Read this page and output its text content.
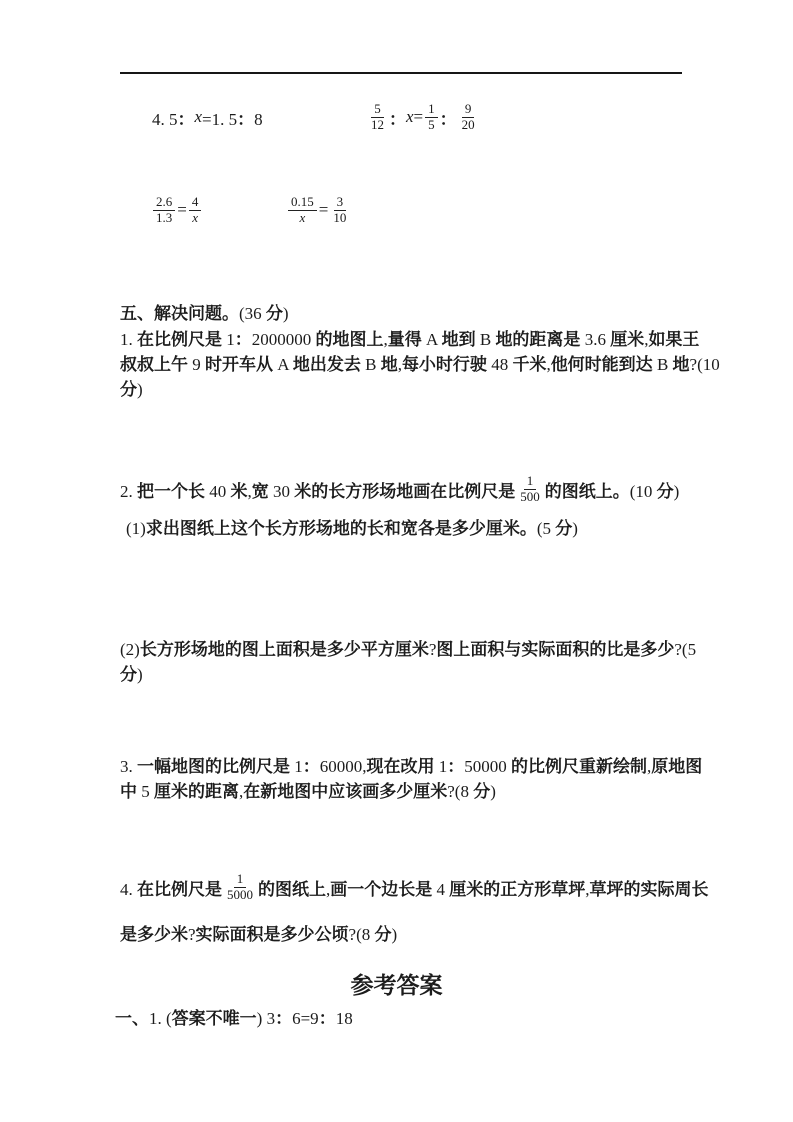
4. 5： x =1. 5：8	$\frac{5}{12}$ ： $x = \frac{1}{5}$ ： $\frac{9}{20}$
$\frac{2.6}{1.3} = \frac{4}{x}$	$\frac{0.15}{x} = \frac{3}{10}$
五、解决问题。(36 分)
1. 在比例尺是 1：2000000 的地图上,量得 A 地到 B 地的距离是 3.6 厘米,如果王
叔叔上午 9 时开车从 A 地出发去 B 地,每小时行驶 48 千米,他何时能到达 B 地?(10
分)
2. 把一个长 40 米,宽 30 米的长方形场地画在比例尺是 $\frac{1}{500}$ 的图纸上。(10 分)
(1)求出图纸上这个长方形场地的长和宽各是多少厘米。(5 分)
(2)长方形场地的图上面积是多少平方厘米?图上面积与实际面积的比是多少?(5
分)
3. 一幅地图的比例尺是 1：60000,现在改用 1：50000 的比例尺重新绘制,原地图
中 5 厘米的距离,在新地图中应该画多少厘米?(8 分)
4. 在比例尺是 $\frac{1}{5000}$ 的图纸上,画一个边长是 4 厘米的正方形草坪,草坪的实际周长
是多少米?实际面积是多少公顷?(8 分)
参考答案
一、1. (答案不唯一) 3：6=9：18
